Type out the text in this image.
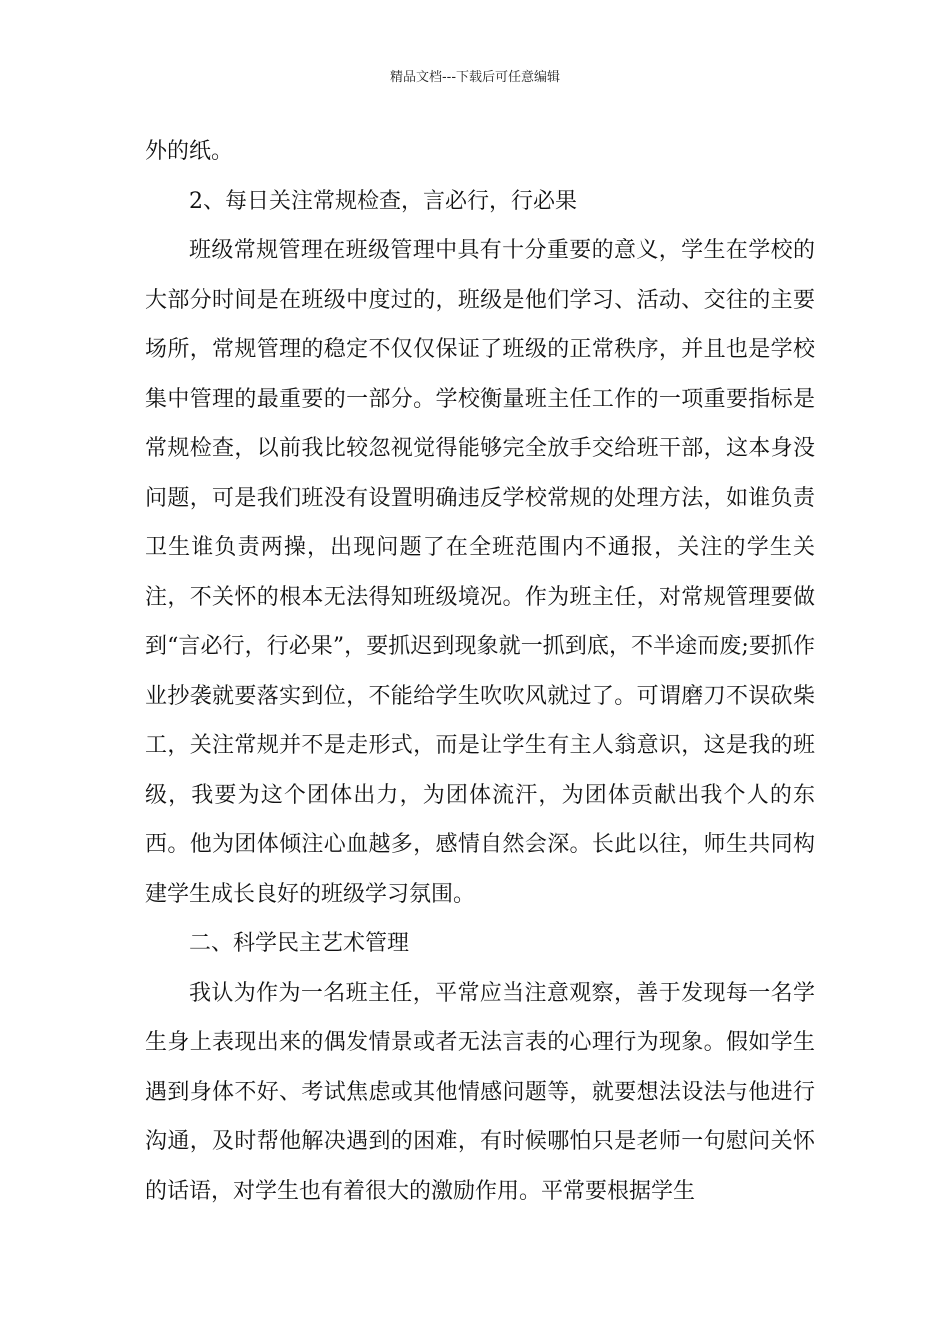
精品文档---下载后可任意编辑

外的纸。

2、每日关注常规检查，言必行，行必果

班级常规管理在班级管理中具有十分重要的意义，学生在学校的大部分时间是在班级中度过的，班级是他们学习、活动、交往的主要场所，常规管理的稳定不仅仅保证了班级的正常秩序，并且也是学校集中管理的最重要的一部分。学校衡量班主任工作的一项重要指标是常规检查，以前我比较忽视觉得能够完全放手交给班干部，这本身没问题，可是我们班没有设置明确违反学校常规的处理方法，如谁负责卫生谁负责两操，出现问题了在全班范围内不通报，关注的学生关注，不关怀的根本无法得知班级境况。作为班主任，对常规管理要做到“言必行，行必果”，要抓迟到现象就一抓到底，不半途而废;要抓作业抄袭就要落实到位，不能给学生吹吹风就过了。可谓磨刀不误砍柴工，关注常规并不是走形式，而是让学生有主人翁意识，这是我的班级，我要为这个团体出力，为团体流汗，为团体贡献出我个人的东西。他为团体倾注心血越多，感情自然会深。长此以往，师生共同构建学生成长良好的班级学习氛围。

二、科学民主艺术管理

我认为作为一名班主任，平常应当注意观察，善于发现每一名学生身上表现出来的偶发情景或者无法言表的心理行为现象。假如学生遇到身体不好、考试焦虑或其他情感问题等，就要想法设法与他进行沟通，及时帮他解决遇到的困难，有时候哪怕只是老师一句慰问关怀的话语，对学生也有着很大的激励作用。平常要根据学生
